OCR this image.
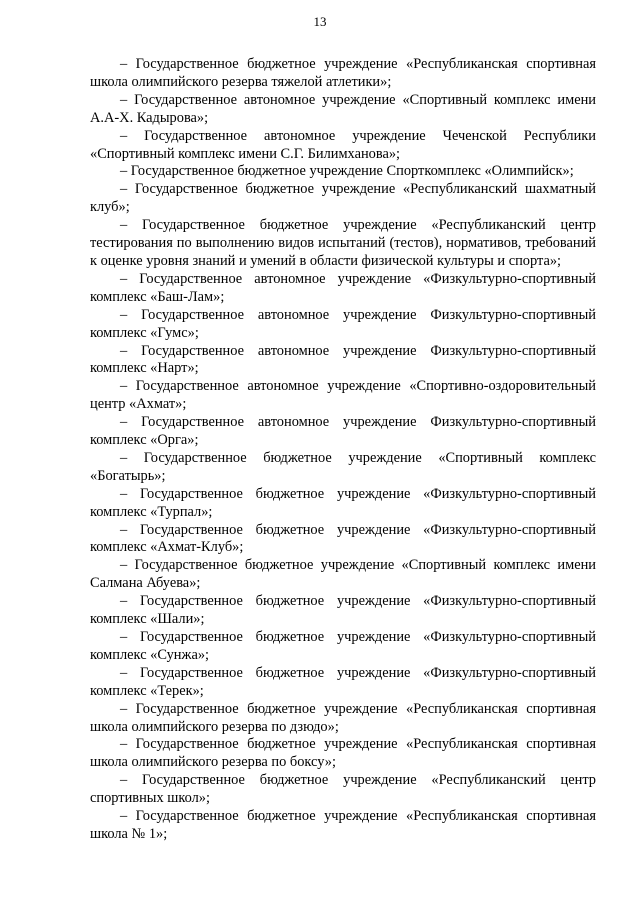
13
– Государственное бюджетное учреждение «Республиканская спортивная школа олимпийского резерва тяжелой атлетики»;
– Государственное автономное учреждение «Спортивный комплекс имени А.А-Х. Кадырова»;
– Государственное автономное учреждение Чеченской Республики «Спортивный комплекс имени С.Г. Билимханова»;
– Государственное бюджетное учреждение Спорткомплекс «Олимпийск»;
– Государственное бюджетное учреждение «Республиканский шахматный клуб»;
– Государственное бюджетное учреждение «Республиканский центр тестирования по выполнению видов испытаний (тестов), нормативов, требований к оценке уровня знаний и умений в области физической культуры и спорта»;
– Государственное автономное учреждение «Физкультурно-спортивный комплекс «Баш-Лам»;
– Государственное автономное учреждение Физкультурно-спортивный комплекс «Гумс»;
– Государственное автономное учреждение Физкультурно-спортивный комплекс «Нарт»;
– Государственное автономное учреждение «Спортивно-оздоровительный центр «Ахмат»;
– Государственное автономное учреждение Физкультурно-спортивный комплекс «Орга»;
– Государственное бюджетное учреждение «Спортивный комплекс «Богатырь»;
– Государственное бюджетное учреждение «Физкультурно-спортивный комплекс «Турпал»;
– Государственное бюджетное учреждение «Физкультурно-спортивный комплекс «Ахмат-Клуб»;
– Государственное бюджетное учреждение «Спортивный комплекс имени Салмана Абуева»;
– Государственное бюджетное учреждение «Физкультурно-спортивный комплекс «Шали»;
– Государственное бюджетное учреждение «Физкультурно-спортивный комплекс «Сунжа»;
– Государственное бюджетное учреждение «Физкультурно-спортивный комплекс «Терек»;
– Государственное бюджетное учреждение «Республиканская спортивная школа олимпийского резерва по дзюдо»;
– Государственное бюджетное учреждение «Республиканская спортивная школа олимпийского резерва по боксу»;
– Государственное бюджетное учреждение «Республиканский центр спортивных школ»;
– Государственное бюджетное учреждение «Республиканская спортивная школа № 1»;
